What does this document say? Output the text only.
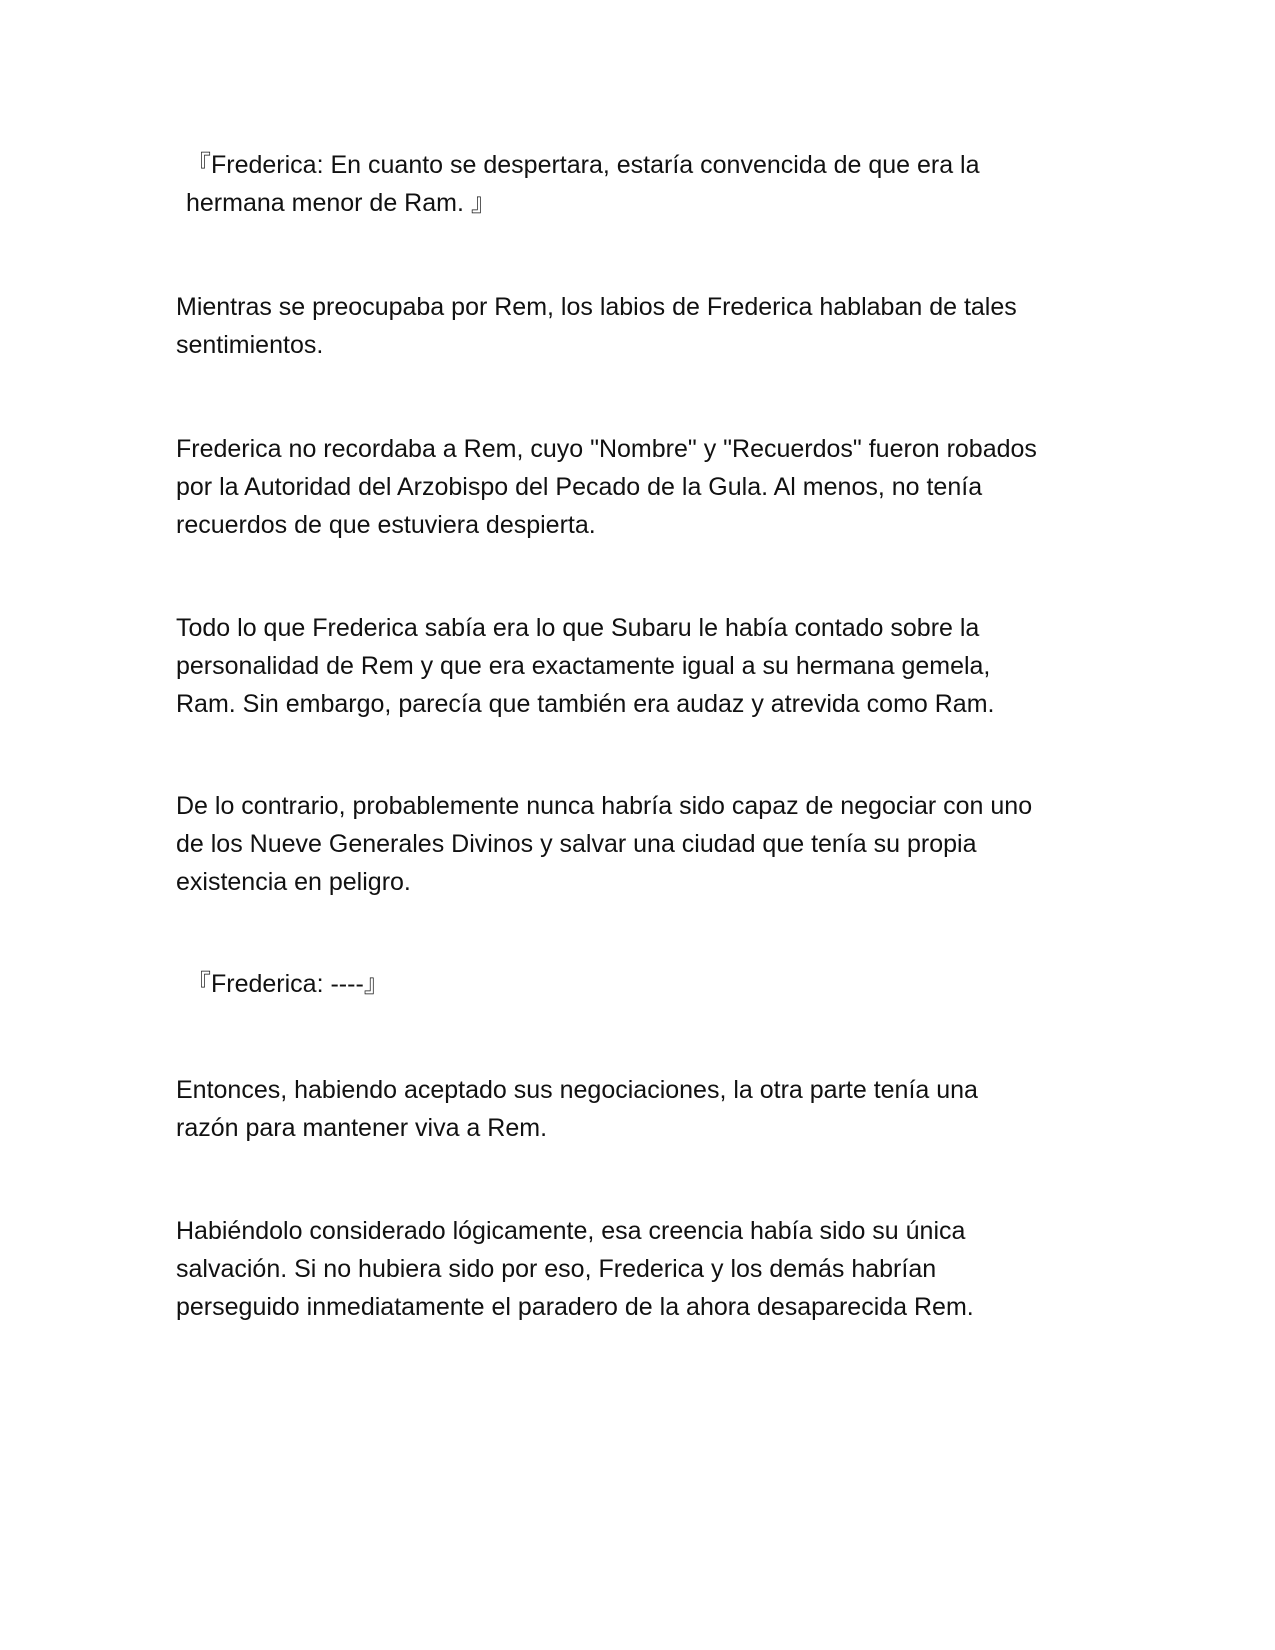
『Frederica: En cuanto se despertara, estaría convencida de que era la
hermana menor de Ram. 』

Mientras se preocupaba por Rem, los labios de Frederica hablaban de tales
sentimientos.

Frederica no recordaba a Rem, cuyo "Nombre" y "Recuerdos" fueron robados
por la Autoridad del Arzobispo del Pecado de la Gula. Al menos, no tenía
recuerdos de que estuviera despierta.

Todo lo que Frederica sabía era lo que Subaru le había contado sobre la
personalidad de Rem y que era exactamente igual a su hermana gemela,
Ram. Sin embargo, parecía que también era audaz y atrevida como Ram.

De lo contrario, probablemente nunca habría sido capaz de negociar con uno
de los Nueve Generales Divinos y salvar una ciudad que tenía su propia
existencia en peligro.

『Frederica: ----』

Entonces, habiendo aceptado sus negociaciones, la otra parte tenía una
razón para mantener viva a Rem.

Habiéndolo considerado lógicamente, esa creencia había sido su única
salvación. Si no hubiera sido por eso, Frederica y los demás habrían
perseguido inmediatamente el paradero de la ahora desaparecida Rem.
